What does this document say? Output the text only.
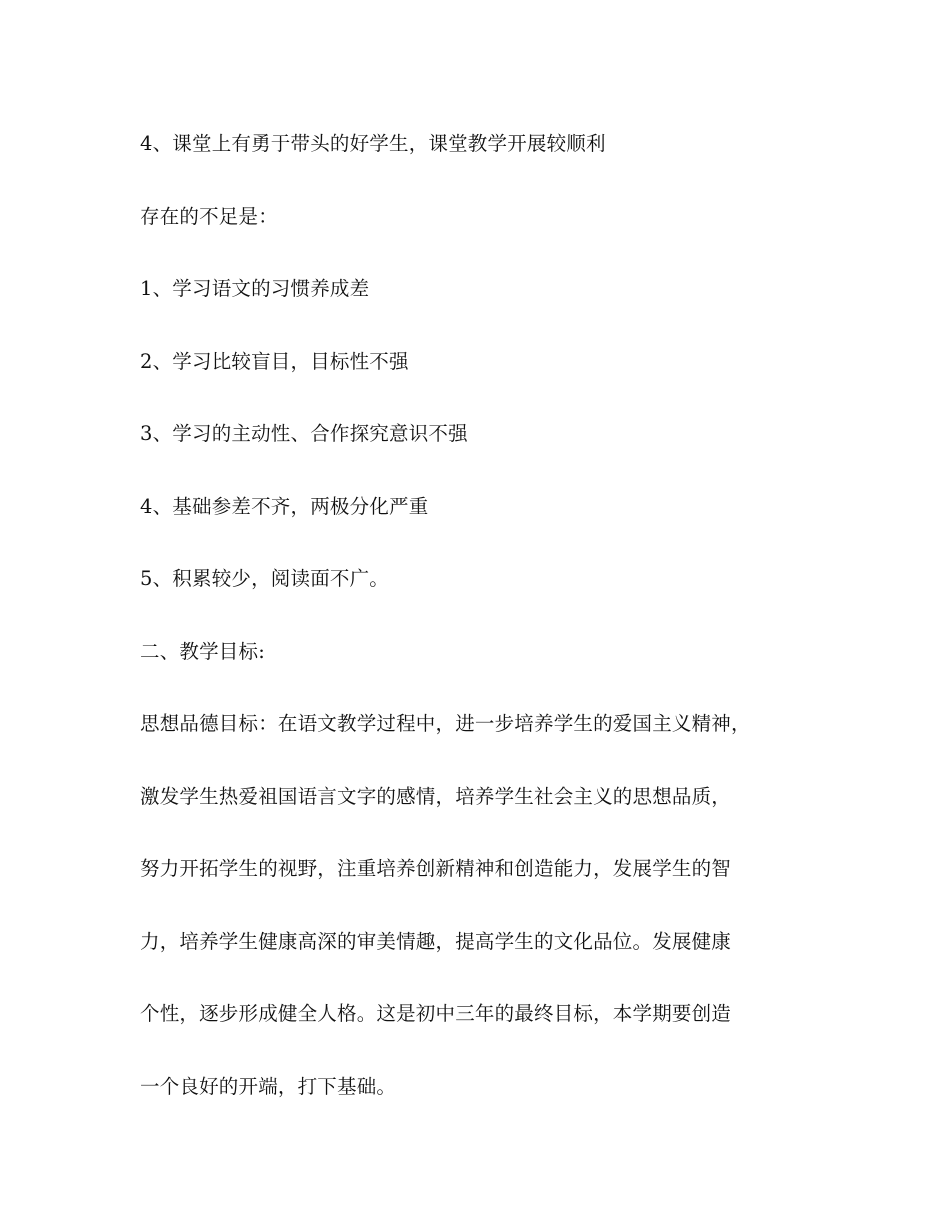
4、课堂上有勇于带头的好学生，课堂教学开展较顺利
存在的不足是：
1、学习语文的习惯养成差
2、学习比较盲目，目标性不强
3、学习的主动性、合作探究意识不强
4、基础参差不齐，两极分化严重
5、积累较少，阅读面不广。
二、教学目标:
思想品德目标：在语文教学过程中，进一步培养学生的爱国主义精神，
激发学生热爱祖国语言文字的感情，培养学生社会主义的思想品质，
努力开拓学生的视野，注重培养创新精神和创造能力，发展学生的智
力，培养学生健康高深的审美情趣，提高学生的文化品位。发展健康
个性，逐步形成健全人格。这是初中三年的最终目标，本学期要创造
一个良好的开端，打下基础。
